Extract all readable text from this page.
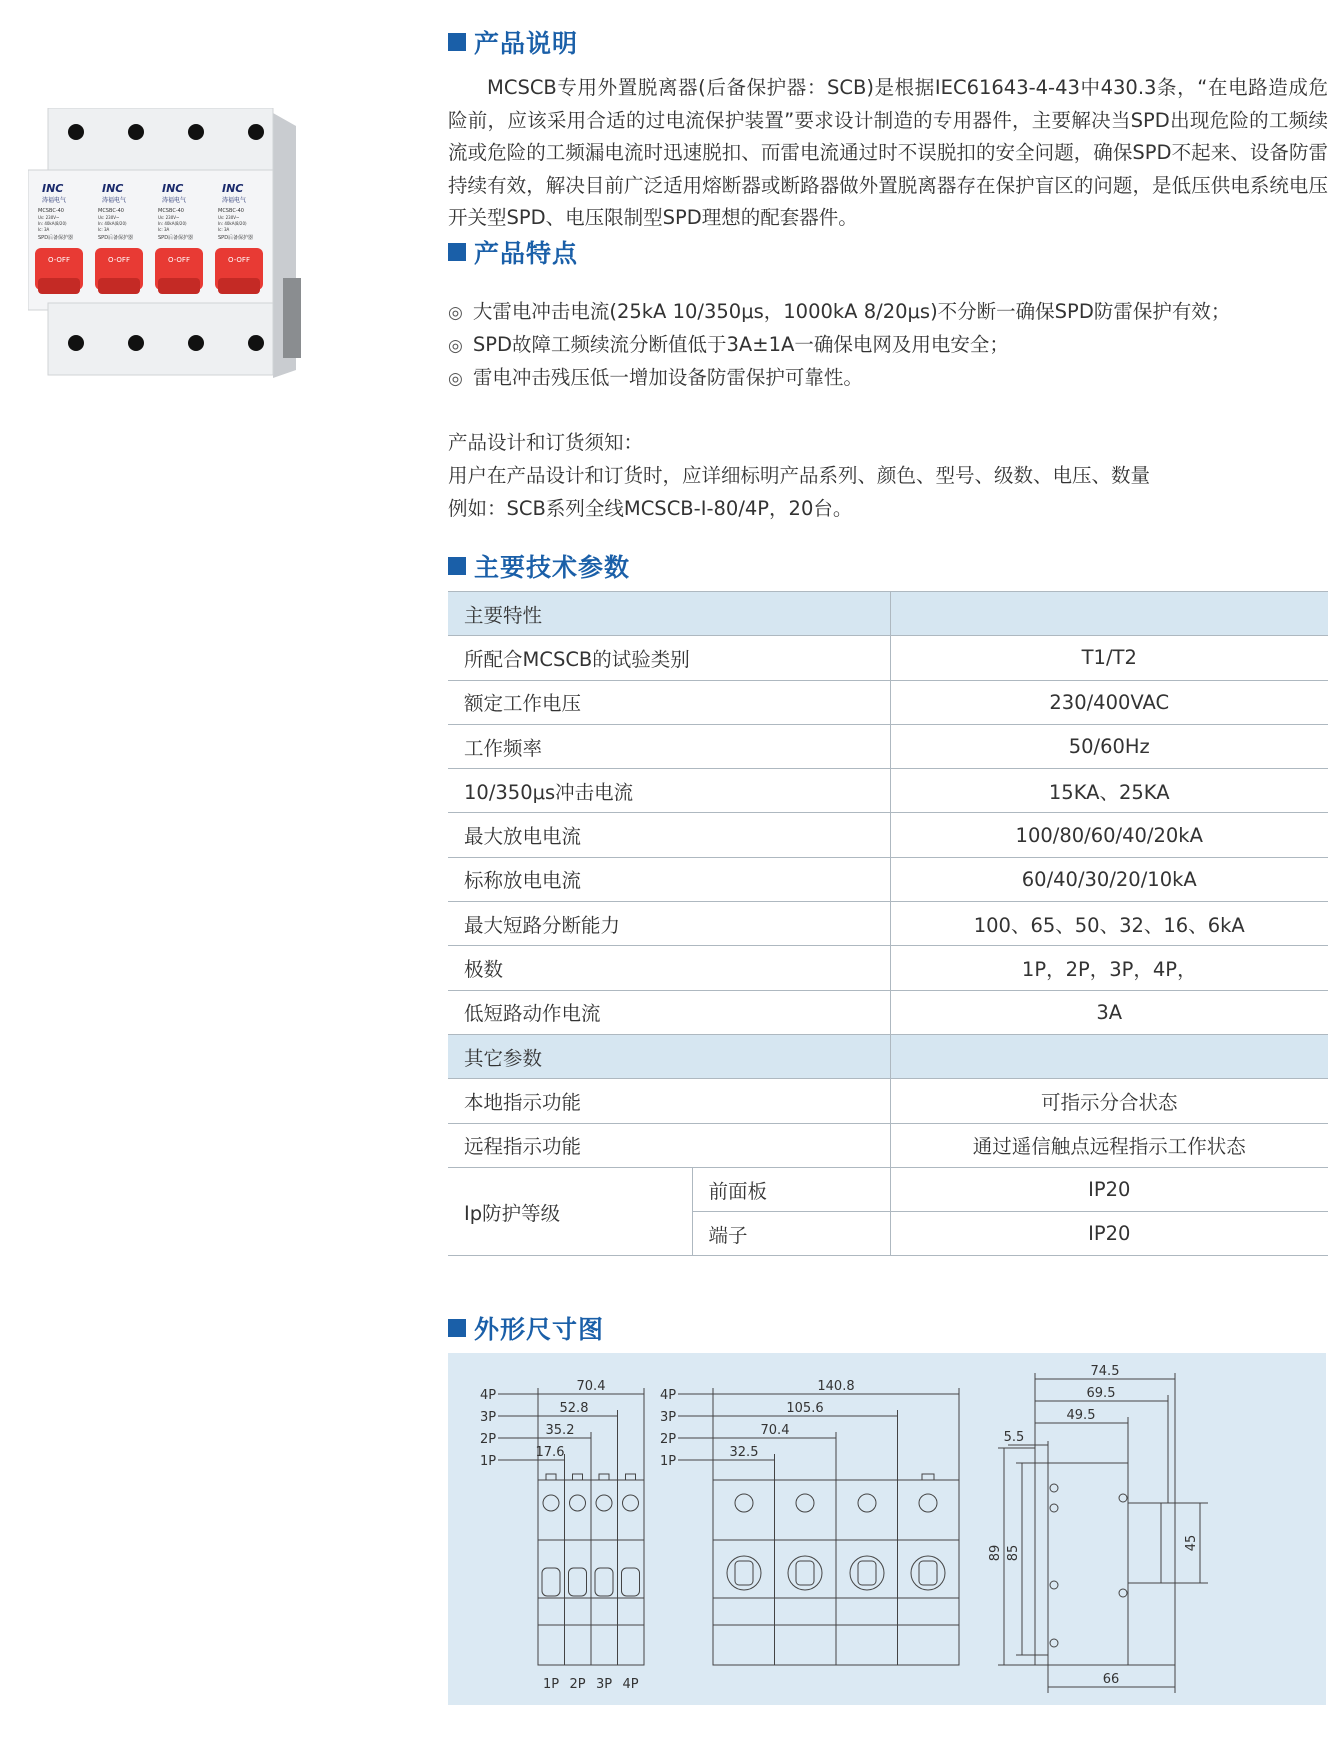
INC
涛福电气
MCSBC-40
Us: 230V~
In: 40kA(8/20)
Ic: 3A
SPD后备保护器
O-OFF
INC
涛福电气
MCSBC-40
Us: 230V~
In: 40kA(8/20)
Ic: 3A
SPD后备保护器
O-OFF
INC
涛福电气
MCSBC-40
Us: 230V~
In: 40kA(8/20)
Ic: 3A
SPD后备保护器
O-OFF
INC
涛福电气
MCSBC-40
Us: 230V~
In: 40kA(8/20)
Ic: 3A
SPD后备保护器
O-OFF
产品说明

MCSCB专用外置脱离器(后备保护器：SCB)是根据IEC61643-4-43中430.3条，“在电路造成危险前，应该采用合适的过电流保护装置”要求设计制造的专用器件，主要解决当SPD出现危险的工频续流或危险的工频漏电流时迅速脱扣、而雷电流通过时不误脱扣的安全问题，确保SPD不起来、设备防雷持续有效，解决目前广泛适用熔断器或断路器做外置脱离器存在保护盲区的问题，是低压供电系统电压开关型SPD、电压限制型SPD理想的配套器件。

产品特点
◎ 大雷电冲击电流(25kA 10/350μs，1000kA 8/20μs)不分断一确保SPD防雷保护有效；
◎ SPD故障工频续流分断值低于3A±1A一确保电网及用电安全；
◎ 雷电冲击残压低一增加设备防雷保护可靠性。
产品设计和订货须知：
用户在产品设计和订货时，应详细标明产品系列、颜色、型号、级数、电压、数量
例如：SCB系列全线MCSCB-I-80/4P，20台。
主要技术参数
主要特性		
所配合MCSCB的试验类别		T1/T2
额定工作电压		230/400VAC
工作频率		50/60Hz
10/350μs冲击电流		15KA、25KA
最大放电电流		100/80/60/40/20kA
标称放电电流		60/40/30/20/10kA
最大短路分断能力		100、65、50、32、16、6kA
极数		1P，2P，3P，4P，
低短路动作电流		3A
其它参数		
本地指示功能		可指示分合状态
远程指示功能		通过遥信触点远程指示工作状态
Ip防护等级	前面板	IP20
	端子	IP20
外形尺寸图
4P
3P
2P
1P
70.4
52.8
35.2
17.6
1P 2P 3P 4P
4P
3P
2P
1P
140.8
105.6
70.4
32.5
74.5
69.5
49.5
5.5
89 85
45
66
